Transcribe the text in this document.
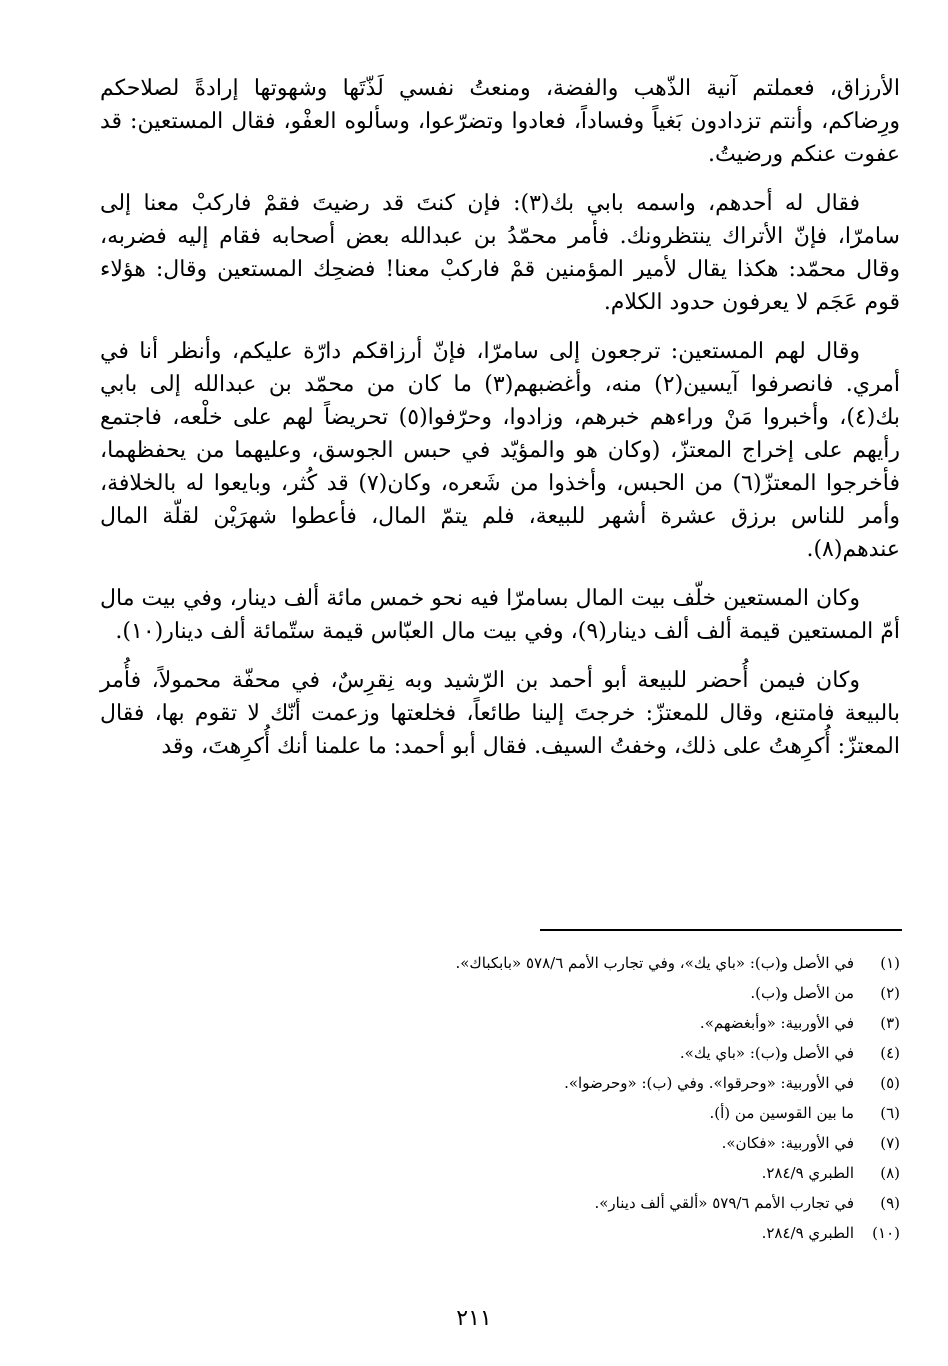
الأرزاق، فعملتم آنية الذّهب والفضة، ومنعتُ نفسي لَذّتَها وشهوتها إرادةً لصلاحكم ورِضاكم، وأنتم تزدادون بَغياً وفساداً، فعادوا وتضرّعوا، وسألوه العفْو، فقال المستعين: قد عفوت عنكم ورضيتُ.

فقال له أحدهم، واسمه بابي بك(٣): فإن كنتَ قد رضيتَ فقمْ فاركبْ معنا إلى سامرّا، فإنّ الأتراك ينتظرونك. فأمر محمّدُ بن عبدالله بعض أصحابه فقام إليه فضربه، وقال محمّد: هكذا يقال لأمير المؤمنين قمْ فاركبْ معنا! فضحِك المستعين وقال: هؤلاء قوم عَجَم لا يعرفون حدود الكلام.

وقال لهم المستعين: ترجعون إلى سامرّا، فإنّ أرزاقكم دارّة عليكم، وأنظر أنا في أمري. فانصرفوا آيسين(٢) منه، وأغضبهم(٣) ما كان من محمّد بن عبدالله إلى بابي بك(٤)، وأخبروا مَنْ وراءهم خبرهم، وزادوا، وحرّفوا(٥) تحريضاً لهم على خلْعه، فاجتمع رأيهم على إخراج المعتزّ، (وكان هو والمؤيّد في حبس الجوسق، وعليهما من يحفظهما، فأخرجوا المعتزّ(٦) من الحبس، وأخذوا من شَعره، وكان(٧) قد كُثر، وبايعوا له بالخلافة، وأمر للناس برزق عشرة أشهر للبيعة، فلم يتمّ المال، فأعطوا شهرَيْن لقلّة المال عندهم(٨).

وكان المستعين خلّف بيت المال بسامرّا فيه نحو خمس مائة ألف دينار، وفي بيت مال أمّ المستعين قيمة ألف ألف دينار(٩)، وفي بيت مال العبّاس قيمة ستّمائة ألف دينار(١٠).

وكان فيمن أُحضر للبيعة أبو أحمد بن الرّشيد وبه نِقرِسٌ، في محفّة محمولاً، فأُمر بالبيعة فامتنع، وقال للمعتزّ: خرجتَ إلينا طائعاً، فخلعتها وزعمت أنّك لا تقوم بها، فقال المعتزّ: أُكرِهتُ على ذلك، وخفتُ السيف. فقال أبو أحمد: ما علمنا أنك أُكرِهتَ، وقد

(١)
في الأصل و(ب): «باي يك»، وفي تجارب الأمم ٥٧٨/٦ «بابكباك».
(٢)
من الأصل و(ب).
(٣)
في الأوربية: «وأبغضهم».
(٤)
في الأصل و(ب): «باي يك».
(٥)
في الأوربية: «وحرقوا». وفي (ب): «وحرضوا».
(٦)
ما بين القوسين من (أ).
(٧)
في الأوربية: «فكان».
(٨)
الطبري ٢٨٤/٩.
(٩)
في تجارب الأمم ٥٧٩/٦ «ألقي ألف دينار».
(١٠)
الطبري ٢٨٤/٩.
٢١١
